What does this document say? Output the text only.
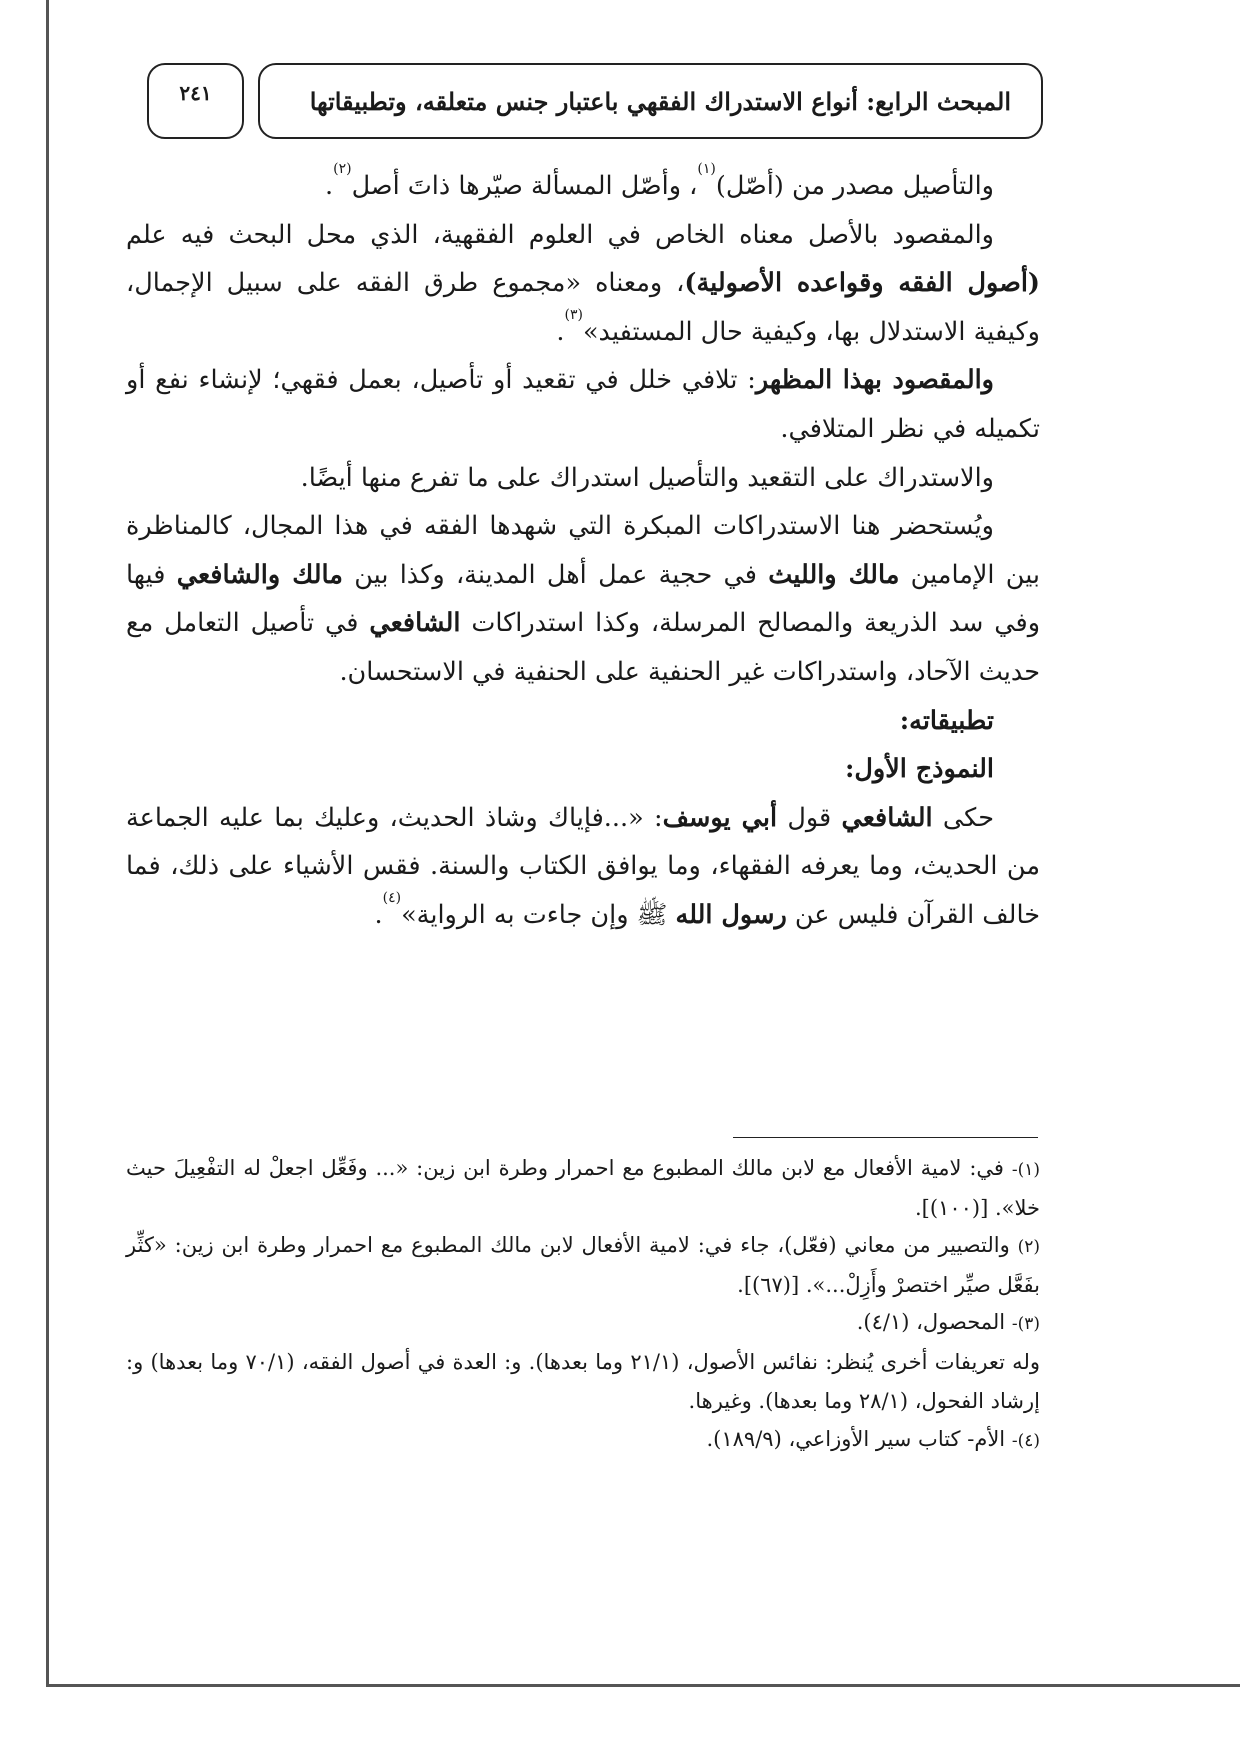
المبحث الرابع: أنواع الاستدراك الفقهي باعتبار جنس متعلقه، وتطبيقاتها
٢٤١

والتأصيل مصدر من (أصّل)$^{(١)}$، وأصّل المسألة صيّرها ذاتَ أصل$^{(٢)}$.

والمقصود بالأصل معناه الخاص في العلوم الفقهية، الذي محل البحث فيه علم (أصول الفقه وقواعده الأصولية)، ومعناه «مجموع طرق الفقه على سبيل الإجمال، وكيفية الاستدلال بها، وكيفية حال المستفيد»$^{(٣)}$.

والمقصود بهذا المظهر: تلافي خلل في تقعيد أو تأصيل، بعمل فقهي؛ لإنشاء نفع أو تكميله في نظر المتلافي.

والاستدراك على التقعيد والتأصيل استدراك على ما تفرع منها أيضًا.

ويُستحضر هنا الاستدراكات المبكرة التي شهدها الفقه في هذا المجال، كالمناظرة بين الإمامين مالك والليث في حجية عمل أهل المدينة، وكذا بين مالك والشافعي فيها وفي سد الذريعة والمصالح المرسلة، وكذا استدراكات الشافعي في تأصيل التعامل مع حديث الآحاد، واستدراكات غير الحنفية على الحنفية في الاستحسان.

تطبيقاته:

النموذج الأول:

حكى الشافعي قول أبي يوسف: «...فإياك وشاذ الحديث، وعليك بما عليه الجماعة من الحديث، وما يعرفه الفقهاء، وما يوافق الكتاب والسنة. فقس الأشياء على ذلك، فما خالف القرآن فليس عن رسول الله ﷺ وإن جاءت به الرواية»$^{(٤)}$.

(١)- في: لامية الأفعال مع لابن مالك المطبوع مع احمرار وطرة ابن زين: «... وفَعِّل اجعلْ له التفْعِيلَ حيث خلا». [(١٠٠)].

(٢) والتصيير من معاني (فعّل)، جاء في: لامية الأفعال لابن مالك المطبوع مع احمرار وطرة ابن زين: «كثِّر بفَعَّل صيِّر اختصرْ وأَزِلْ...». [(٦٧)].

(٣)- المحصول، (٤/١).

وله تعريفات أخرى يُنظر: نفائس الأصول، (٢١/١ وما بعدها). و: العدة في أصول الفقه، (٧٠/١ وما بعدها) و: إرشاد الفحول، (٢٨/١ وما بعدها). وغيرها.

(٤)- الأم- كتاب سير الأوزاعي، (١٨٩/٩).
